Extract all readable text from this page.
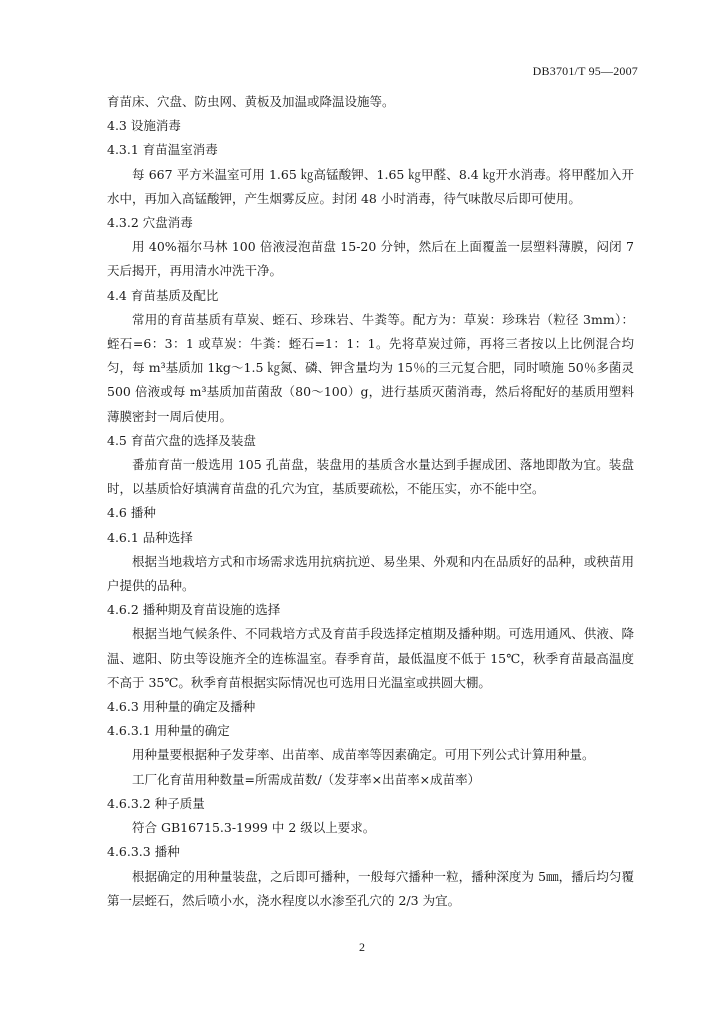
DB3701/T 95—2007

育苗床、穴盘、防虫网、黄板及加温或降温设施等。

4.3 设施消毒

4.3.1 育苗温室消毒

每 667 平方米温室可用 1.65 ㎏高锰酸钾、1.65 ㎏甲醛、8.4 ㎏开水消毒。将甲醛加入开水中，再加入高锰酸钾，产生烟雾反应。封闭 48 小时消毒，待气味散尽后即可使用。

4.3.2 穴盘消毒

用 40%福尔马林 100 倍液浸泡苗盘 15-20 分钟，然后在上面覆盖一层塑料薄膜，闷闭 7 天后揭开，再用清水冲洗干净。

4.4 育苗基质及配比

常用的育苗基质有草炭、蛭石、珍珠岩、牛粪等。配方为：草炭：珍珠岩（粒径 3mm）：蛭石=6：3：1 或草炭：牛粪：蛭石=1：1：1。先将草炭过筛，再将三者按以上比例混合均匀，每 m³基质加 1kg～1.5 ㎏氮、磷、钾含量均为 15％的三元复合肥，同时喷施 50％多菌灵 500 倍液或每 m³基质加苗菌敌（80～100）g，进行基质灭菌消毒，然后将配好的基质用塑料薄膜密封一周后使用。

4.5 育苗穴盘的选择及装盘

番茄育苗一般选用 105 孔苗盘，装盘用的基质含水量达到手握成团、落地即散为宜。装盘时，以基质恰好填满育苗盘的孔穴为宜，基质要疏松，不能压实，亦不能中空。

4.6 播种

4.6.1 品种选择

根据当地栽培方式和市场需求选用抗病抗逆、易坐果、外观和内在品质好的品种，或秧苗用户提供的品种。

4.6.2 播种期及育苗设施的选择

根据当地气候条件、不同栽培方式及育苗手段选择定植期及播种期。可选用通风、供液、降温、遮阳、防虫等设施齐全的连栋温室。春季育苗，最低温度不低于 15℃，秋季育苗最高温度不高于 35℃。秋季育苗根据实际情况也可选用日光温室或拱圆大棚。

4.6.3 用种量的确定及播种

4.6.3.1 用种量的确定

用种量要根据种子发芽率、出苗率、成苗率等因素确定。可用下列公式计算用种量。

工厂化育苗用种数量=所需成苗数/（发芽率×出苗率×成苗率）

4.6.3.2 种子质量

符合 GB16715.3-1999 中 2 级以上要求。

4.6.3.3 播种

根据确定的用种量装盘，之后即可播种，一般每穴播种一粒，播种深度为 5㎜，播后均匀覆第一层蛭石，然后喷小水，浇水程度以水渗至孔穴的 2/3 为宜。

2
